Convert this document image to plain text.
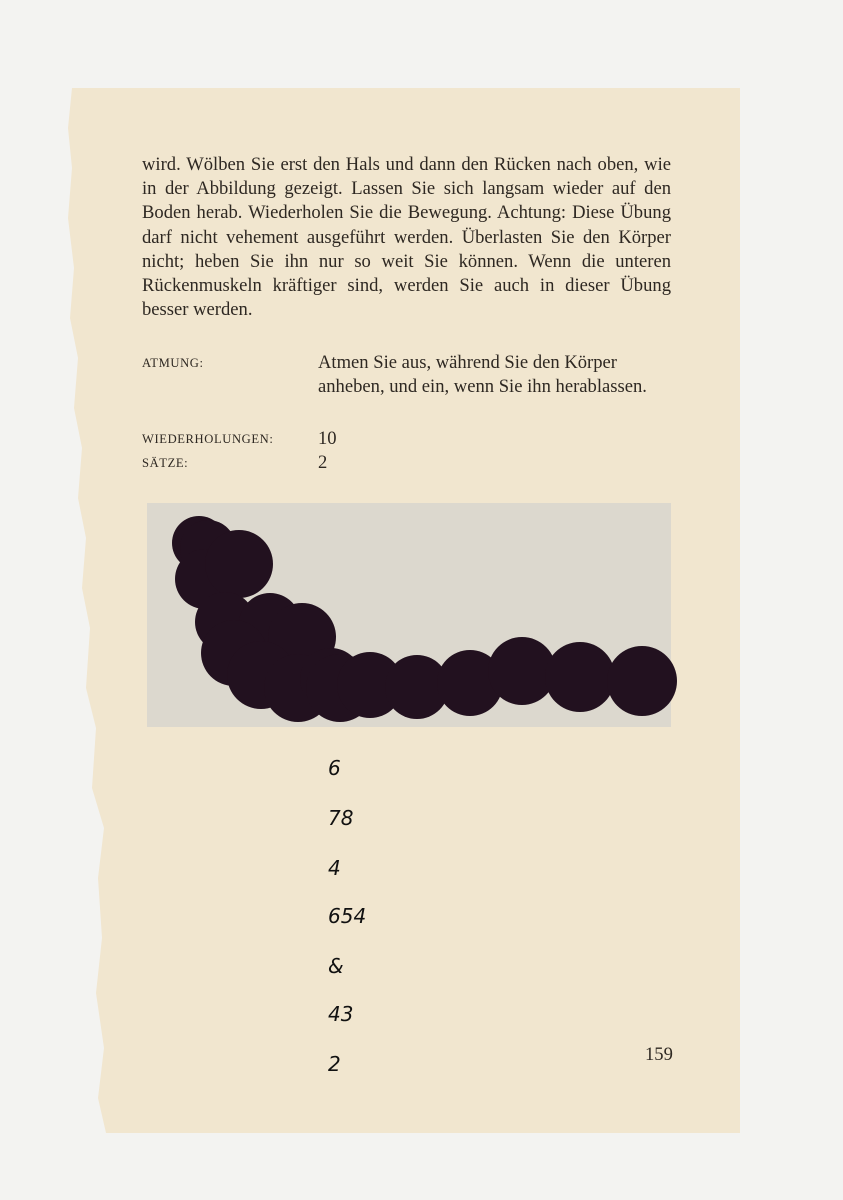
wird. Wölben Sie erst den Hals und dann den Rücken nach oben, wie in der Abbildung gezeigt. Lassen Sie sich langsam wieder auf den Boden herab. Wiederholen Sie die Bewegung. Achtung: Diese Übung darf nicht vehement ausgeführt werden. Überlasten Sie den Körper nicht; heben Sie ihn nur so weit Sie können. Wenn die unteren Rückenmuskeln kräftiger sind, werden Sie auch in dieser Übung besser werden.

ATMUNG:	Atmen Sie aus, während Sie den Körper anheben, und ein, wenn Sie ihn herablassen.

WIEDERHOLUNGEN: 10

SÄTZE:	2

6
78
4
654
&
43
2	159
